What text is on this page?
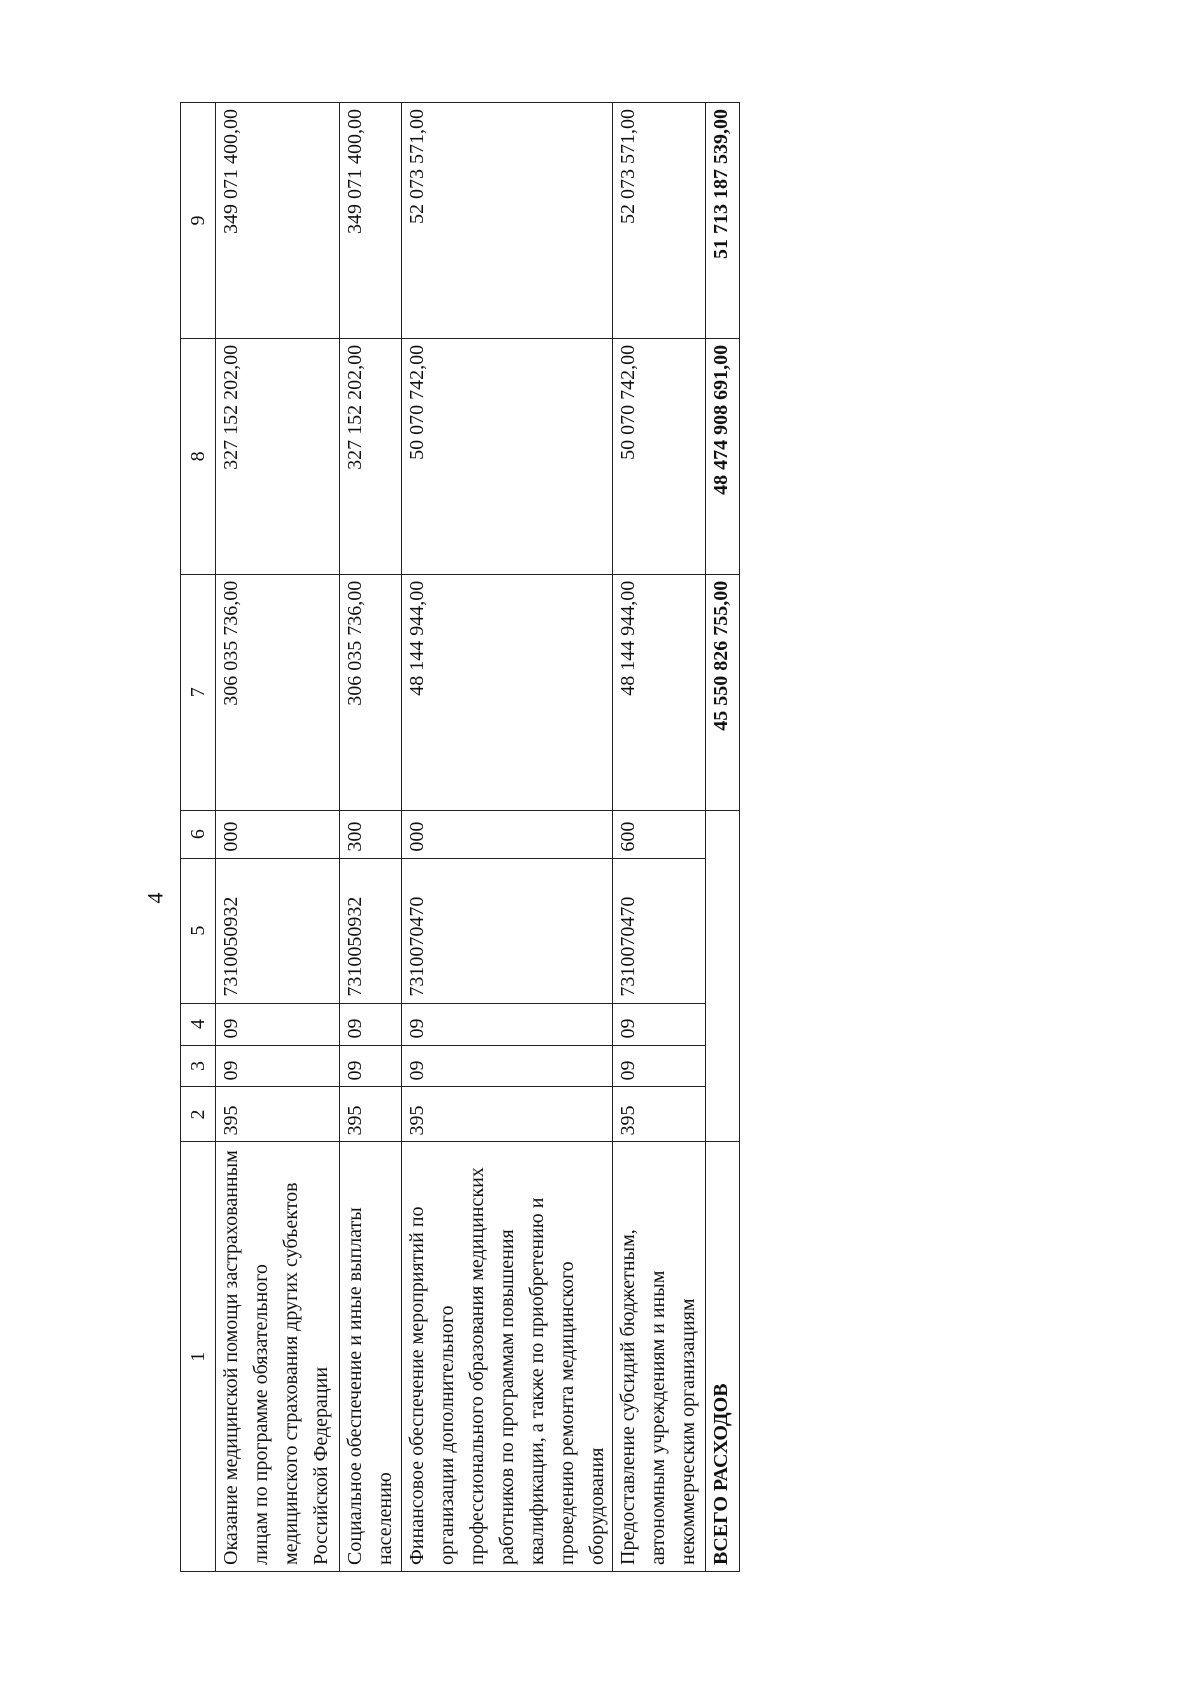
4
1	2	3	4	5	6	7	8	9
Оказание медицинской помощи застрахованным лицам по программе обязательного медицинского страхования других субъектов Российской Федерации	395	09	09	7310050932	000	306 035 736,00	327 152 202,00	349 071 400,00
Социальное обеспечение и иные выплаты населению	395	09	09	7310050932	300	306 035 736,00	327 152 202,00	349 071 400,00
Финансовое обеспечение мероприятий по организации дополнительного профессионального образования медицинских работников по программам повышения квалификации, а также по приобретению и проведению ремонта медицинского оборудования	395	09	09	7310070470	000	48 144 944,00	50 070 742,00	52 073 571,00
Предоставление субсидий бюджетным, автономным учреждениям и иным некоммерческим организациям	395	09	09	7310070470	600	48 144 944,00	50 070 742,00	52 073 571,00
ВСЕГО РАСХОДОВ						45 550 826 755,00	48 474 908 691,00	51 713 187 539,00
